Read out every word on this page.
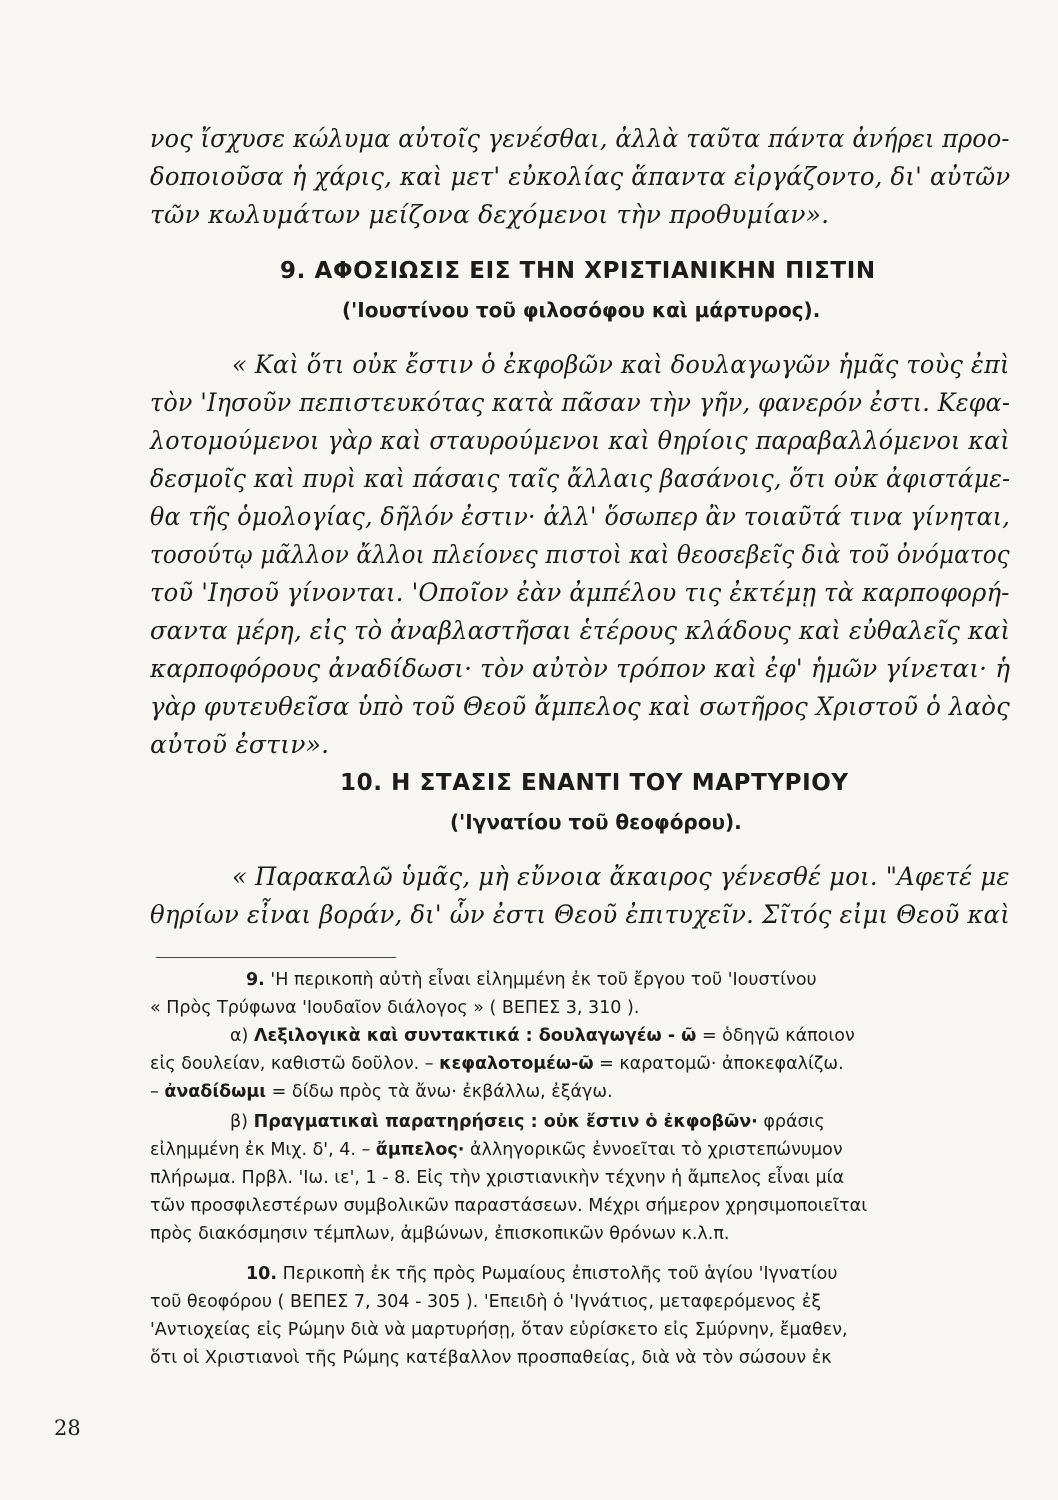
νος ἴσχυσε κώλυμα αὐτοῖς γενέσθαι, ἀλλὰ ταῦτα πάντα ἀνήρει προο-
δοποιοῦσα ἡ χάρις, καὶ μετ' εὐκολίας ἅπαντα εἰργάζοντο, δι' αὐτῶν
τῶν κωλυμάτων μείζονα δεχόμενοι τὴν προθυμίαν».
9. ΑΦΟΣΙΩΣΙΣ ΕΙΣ ΤΗΝ ΧΡΙΣΤΙΑΝΙΚΗΝ ΠΙΣΤΙΝ
('Ιουστίνου τοῦ φιλοσόφου καὶ μάρτυρος).
« Καὶ ὅτι οὐκ ἔστιν ὁ ἐκφοβῶν καὶ δουλαγωγῶν ἡμᾶς τοὺς ἐπὶ
τὸν 'Ιησοῦν πεπιστευκότας κατὰ πᾶσαν τὴν γῆν, φανερόν ἐστι. Κεφα-
λοτομούμενοι γὰρ καὶ σταυρούμενοι καὶ θηρίοις παραβαλλόμενοι καὶ
δεσμοῖς καὶ πυρὶ καὶ πάσαις ταῖς ἄλλαις βασάνοις, ὅτι οὐκ ἀφιστάμε-
θα τῆς ὁμολογίας, δῆλόν ἐστιν· ἀλλ' ὅσωπερ ἂν τοιαῦτά τινα γίνηται,
τοσούτῳ μᾶλλον ἄλλοι πλείονες πιστοὶ καὶ θεοσεβεῖς διὰ τοῦ ὀνόματος
τοῦ 'Ιησοῦ γίνονται. 'Οποῖον ἐὰν ἀμπέλου τις ἐκτέμῃ τὰ καρποφορή-
σαντα μέρη, εἰς τὸ ἀναβλαστῆσαι ἑτέρους κλάδους καὶ εὐθαλεῖς καὶ
καρποφόρους ἀναδίδωσι· τὸν αὐτὸν τρόπον καὶ ἐφ' ἡμῶν γίνεται· ἡ
γὰρ φυτευθεῖσα ὑπὸ τοῦ Θεοῦ ἄμπελος καὶ σωτῆρος Χριστοῦ ὁ λαὸς
αὐτοῦ ἐστιν».
10. Η ΣΤΑΣΙΣ ΕΝΑΝΤΙ ΤΟΥ ΜΑΡΤΥΡΙΟΥ
('Ιγνατίου τοῦ θεοφόρου).
« Παρακαλῶ ὑμᾶς, μὴ εὔνοια ἄκαιρος γένεσθέ μοι. "Αφετέ με
θηρίων εἶναι βοράν, δι' ὧν ἐστι Θεοῦ ἐπιτυχεῖν. Σῖτός εἰμι Θεοῦ καὶ
9. 'Η περικοπὴ αὐτὴ εἶναι εἰλημμένη ἐκ τοῦ ἔργου τοῦ 'Ιουστίνου
« Πρὸς Τρύφωνα 'Ιουδαῖον διάλογος » ( ΒΕΠΕΣ 3, 310 ).
α) Λεξιλογικὰ καὶ συντακτικά : δουλαγωγέω - ῶ = ὁδηγῶ κάποιον
εἰς δουλείαν, καθιστῶ δοῦλον. – κεφαλοτομέω-ῶ = καρατομῶ· ἀποκεφαλίζω.
– ἀναδίδωμι = δίδω πρὸς τὰ ἄνω· ἐκβάλλω, ἐξάγω.
β) Πραγματικαὶ παρατηρήσεις : οὐκ ἔστιν ὁ ἐκφοβῶν· φράσις
εἰλημμένη ἐκ Μιχ. δ', 4. – ἄμπελος· ἀλληγορικῶς ἐννοεῖται τὸ χριστεπώνυμον
πλήρωμα. Πρβλ. 'Ιω. ιε', 1 - 8. Εἰς τὴν χριστιανικὴν τέχνην ἡ ἄμπελος εἶναι μία
τῶν προσφιλεστέρων συμβολικῶν παραστάσεων. Μέχρι σήμερον χρησιμοποιεῖται
πρὸς διακόσμησιν τέμπλων, ἀμβώνων, ἐπισκοπικῶν θρόνων κ.λ.π.
10. Περικοπὴ ἐκ τῆς πρὸς Ρωμαίους ἐπιστολῆς τοῦ ἁγίου 'Ιγνατίου
τοῦ θεοφόρου ( ΒΕΠΕΣ 7, 304 - 305 ). 'Επειδὴ ὁ 'Ιγνάτιος, μεταφερόμενος ἐξ
'Αντιοχείας εἰς Ρώμην διὰ νὰ μαρτυρήσῃ, ὅταν εὑρίσκετο εἰς Σμύρνην, ἔμαθεν,
ὅτι οἱ Χριστιανοὶ τῆς Ρώμης κατέβαλλον προσπαθείας, διὰ νὰ τὸν σώσουν ἐκ
28
